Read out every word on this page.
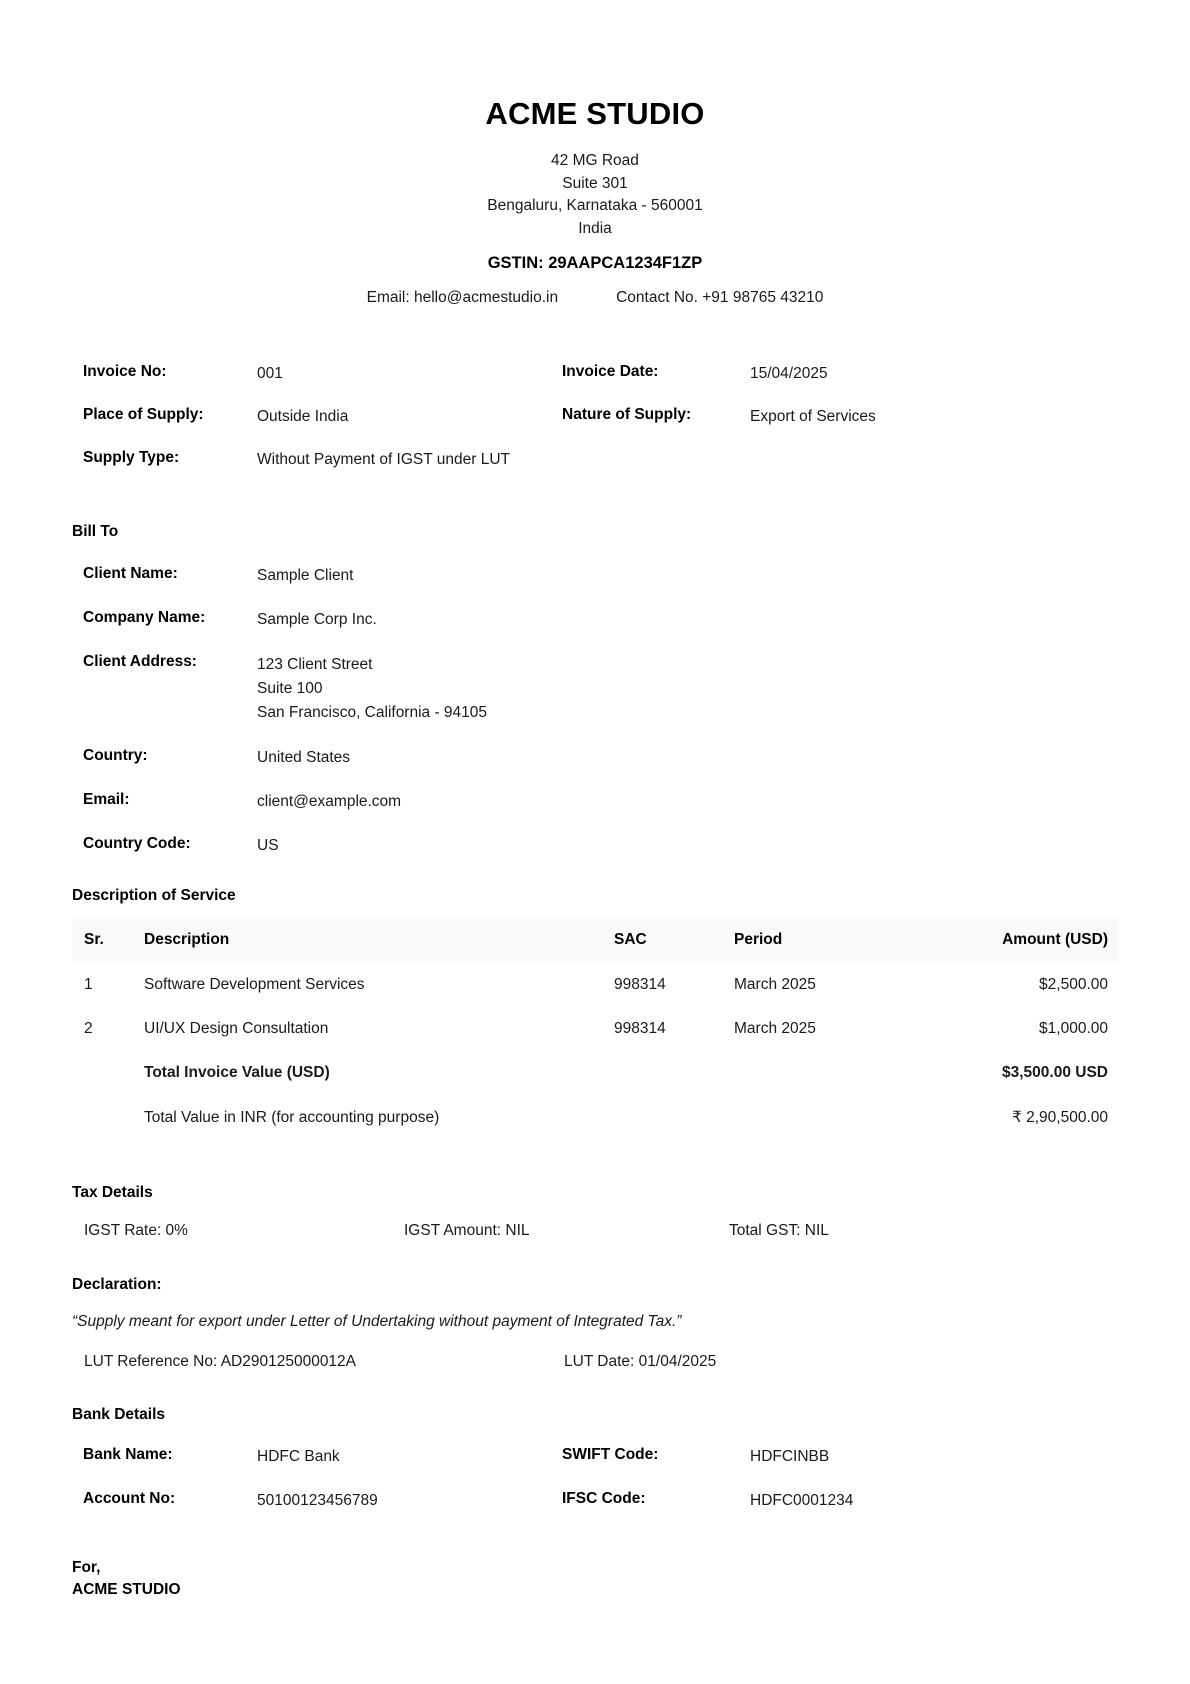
ACME STUDIO
42 MG Road
Suite 301
Bengaluru, Karnataka - 560001
India
GSTIN: 29AAPCA1234F1ZP
Email: hello@acmestudio.in	Contact No. +91 98765 43210
Invoice No:	001	Invoice Date:	15/04/2025
Place of Supply:	Outside India	Nature of Supply:	Export of Services
Supply Type:	Without Payment of IGST under LUT
Bill To
Client Name:	Sample Client
Company Name:	Sample Corp Inc.
Client Address:	123 Client Street
Suite 100
San Francisco, California - 94105
Country:	United States
Email:	client@example.com
Country Code:	US
Description of Service
Sr.	Description	SAC	Period	Amount (USD)
1	Software Development Services	998314	March 2025	$2,500.00
2	UI/UX Design Consultation	998314	March 2025	$1,000.00
	Total Invoice Value (USD)			$3,500.00 USD
	Total Value in INR (for accounting purpose)			₹ 2,90,500.00
Tax Details
IGST Rate: 0%	IGST Amount: NIL	Total GST: NIL
Declaration:
“Supply meant for export under Letter of Undertaking without payment of Integrated Tax.”
LUT Reference No: AD290125000012A	LUT Date: 01/04/2025
Bank Details
Bank Name:	HDFC Bank	SWIFT Code:	HDFCINBB
Account No:	50100123456789	IFSC Code:	HDFC0001234
For,
ACME STUDIO
